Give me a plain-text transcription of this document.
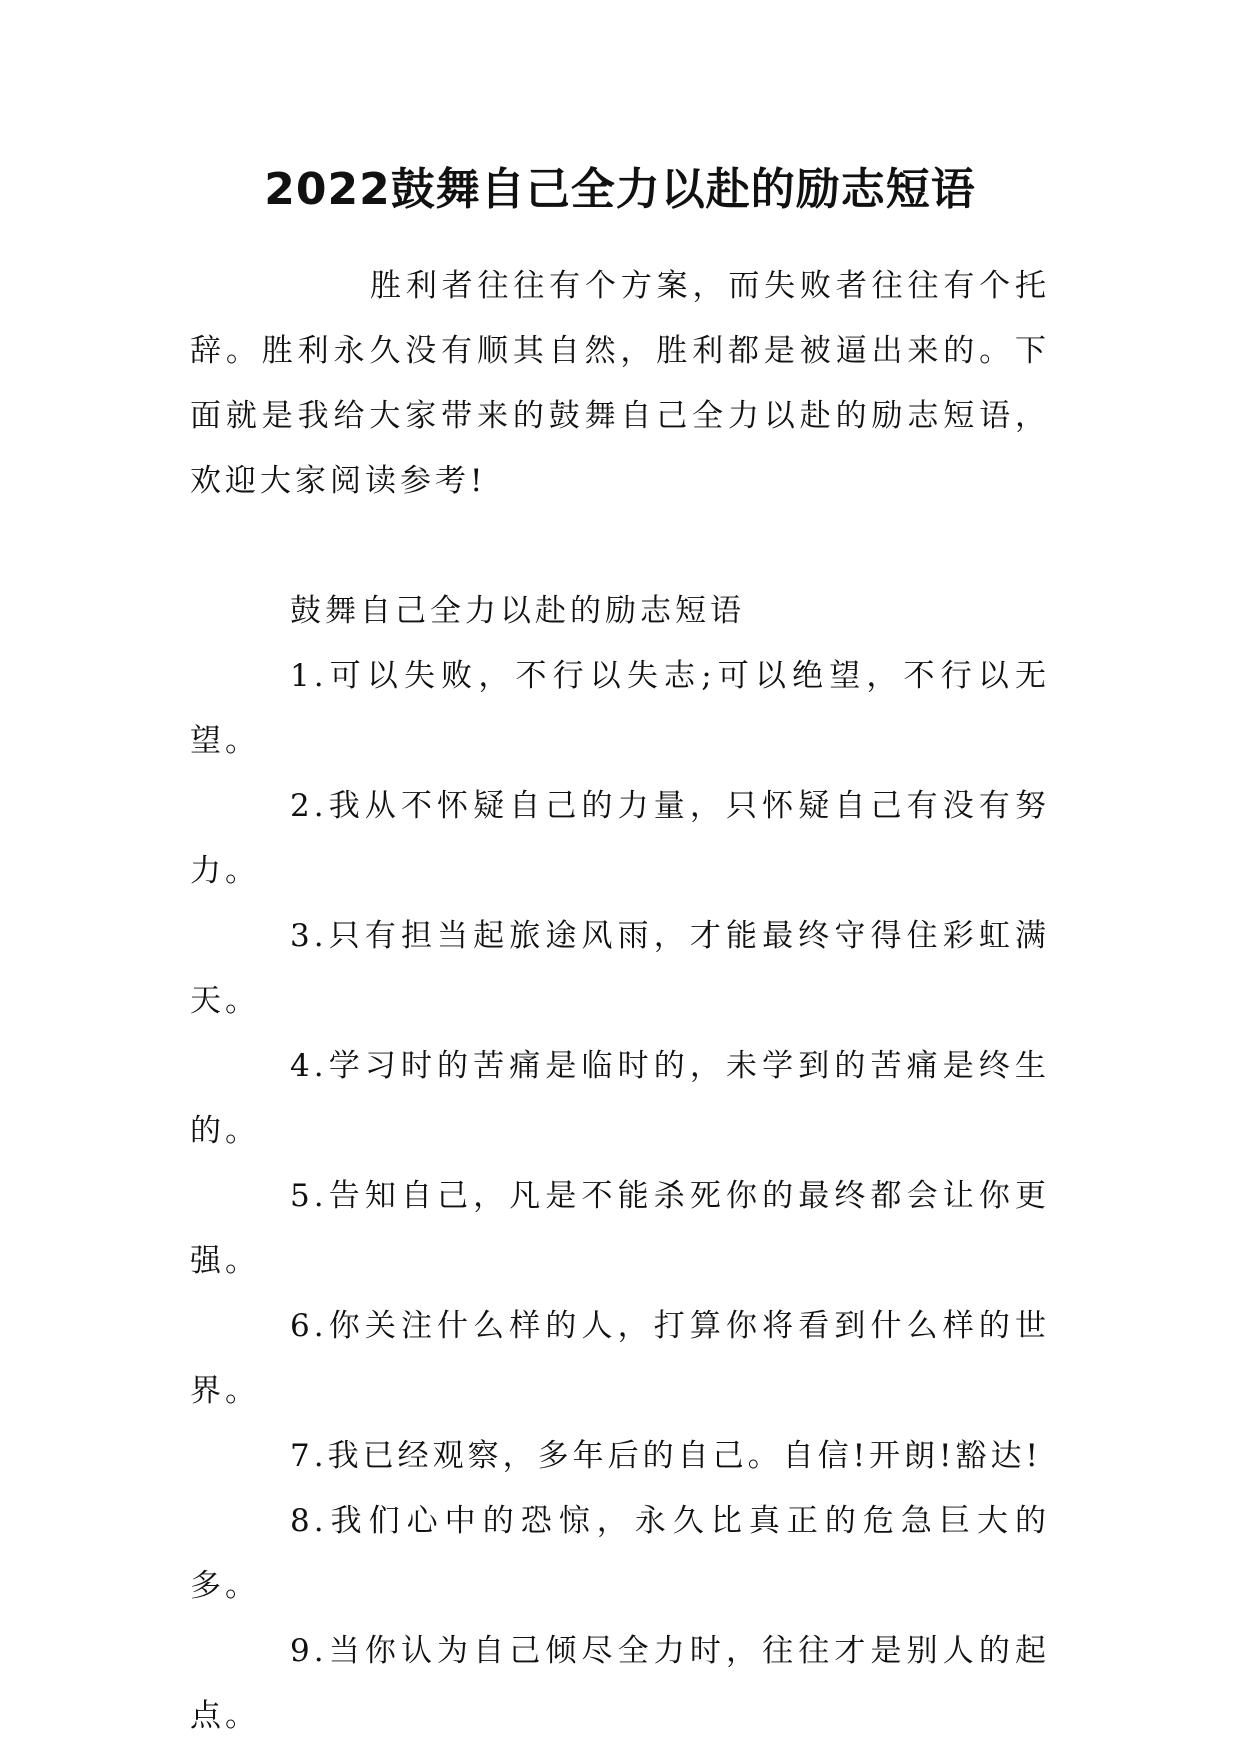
2022鼓舞自己全力以赴的励志短语

胜利者往往有个方案，而失败者往往有个托辞。胜利永久没有顺其自然，胜利都是被逼出来的。下面就是我给大家带来的鼓舞自己全力以赴的励志短语，欢迎大家阅读参考!

鼓舞自己全力以赴的励志短语

1.可以失败，不行以失志;可以绝望，不行以无望。

2.我从不怀疑自己的力量，只怀疑自己有没有努力。

3.只有担当起旅途风雨，才能最终守得住彩虹满天。

4.学习时的苦痛是临时的，未学到的苦痛是终生的。

5.告知自己，凡是不能杀死你的最终都会让你更强。

6.你关注什么样的人，打算你将看到什么样的世界。

7.我已经观察，多年后的自己。自信!开朗!豁达!

8.我们心中的恐惊，永久比真正的危急巨大的多。

9.当你认为自己倾尽全力时，往往才是别人的起点。
